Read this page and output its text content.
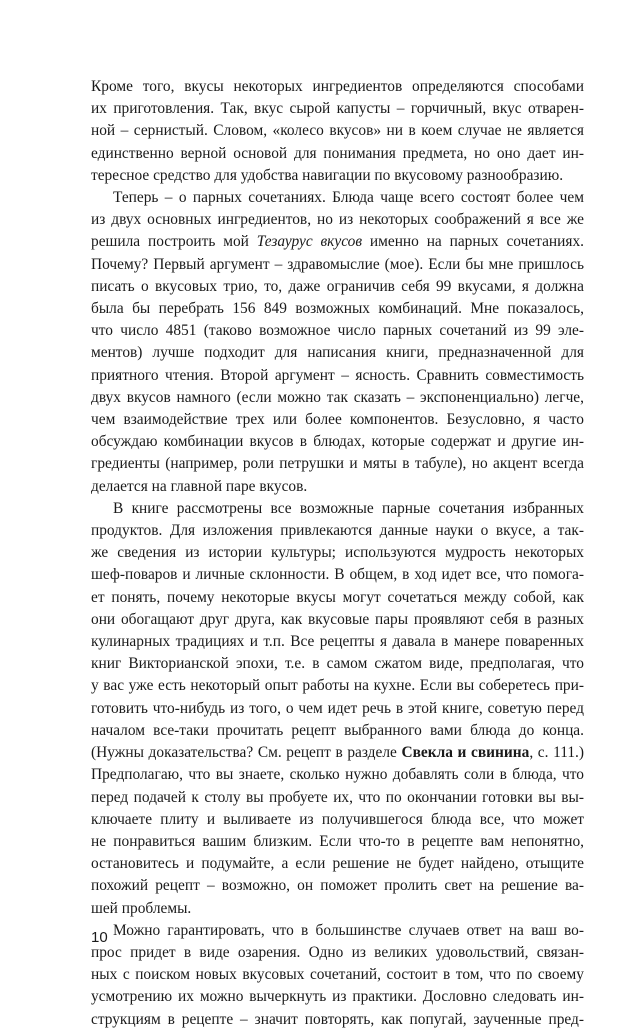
Кроме того, вкусы некоторых ингредиентов определяются способами
их приготовления. Так, вкус сырой капусты – горчичный, вкус отварен-
ной – сернистый. Словом, «колесо вкусов» ни в коем случае не является
единственно верной основой для понимания предмета, но оно дает ин-
тересное средство для удобства навигации по вкусовому разнообразию.
Теперь – о парных сочетаниях. Блюда чаще всего состоят более чем
из двух основных ингредиентов, но из некоторых соображений я все же
решила построить мой Тезаурус вкусов именно на парных сочетаниях.
Почему? Первый аргумент – здравомыслие (мое). Если бы мне пришлось
писать о вкусовых трио, то, даже ограничив себя 99 вкусами, я должна
была бы перебрать 156 849 возможных комбинаций. Мне показалось,
что число 4851 (таково возможное число парных сочетаний из 99 эле-
ментов) лучше подходит для написания книги, предназначенной для
приятного чтения. Второй аргумент – ясность. Сравнить совместимость
двух вкусов намного (если можно так сказать – экспоненциально) легче,
чем взаимодействие трех или более компонентов. Безусловно, я часто
обсуждаю комбинации вкусов в блюдах, которые содержат и другие ин-
гредиенты (например, роли петрушки и мяты в табуле), но акцент всегда
делается на главной паре вкусов.
В книге рассмотрены все возможные парные сочетания избранных
продуктов. Для изложения привлекаются данные науки о вкусе, а так-
же сведения из истории культуры; используются мудрость некоторых
шеф-поваров и личные склонности. В общем, в ход идет все, что помога-
ет понять, почему некоторые вкусы могут сочетаться между собой, как
они обогащают друг друга, как вкусовые пары проявляют себя в разных
кулинарных традициях и т.п. Все рецепты я давала в манере поваренных
книг Викторианской эпохи, т.е. в самом сжатом виде, предполагая, что
у вас уже есть некоторый опыт работы на кухне. Если вы соберетесь при-
готовить что-нибудь из того, о чем идет речь в этой книге, советую перед
началом все-таки прочитать рецепт выбранного вами блюда до конца.
(Нужны доказательства? См. рецепт в разделе Свекла и свинина, с. 111.)
Предполагаю, что вы знаете, сколько нужно добавлять соли в блюда, что
перед подачей к столу вы пробуете их, что по окончании готовки вы вы-
ключаете плиту и выливаете из получившегося блюда все, что может
не понравиться вашим близким. Если что-то в рецепте вам непонятно,
остановитесь и подумайте, а если решение не будет найдено, отыщите
похожий рецепт – возможно, он поможет пролить свет на решение ва-
шей проблемы.
Можно гарантировать, что в большинстве случаев ответ на ваш во-
прос придет в виде озарения. Одно из великих удовольствий, связан-
ных с поиском новых вкусовых сочетаний, состоит в том, что по своему
усмотрению их можно вычеркнуть из практики. Дословно следовать ин-
струкциям в рецепте – значит повторять, как попугай, заученные пред-
10
